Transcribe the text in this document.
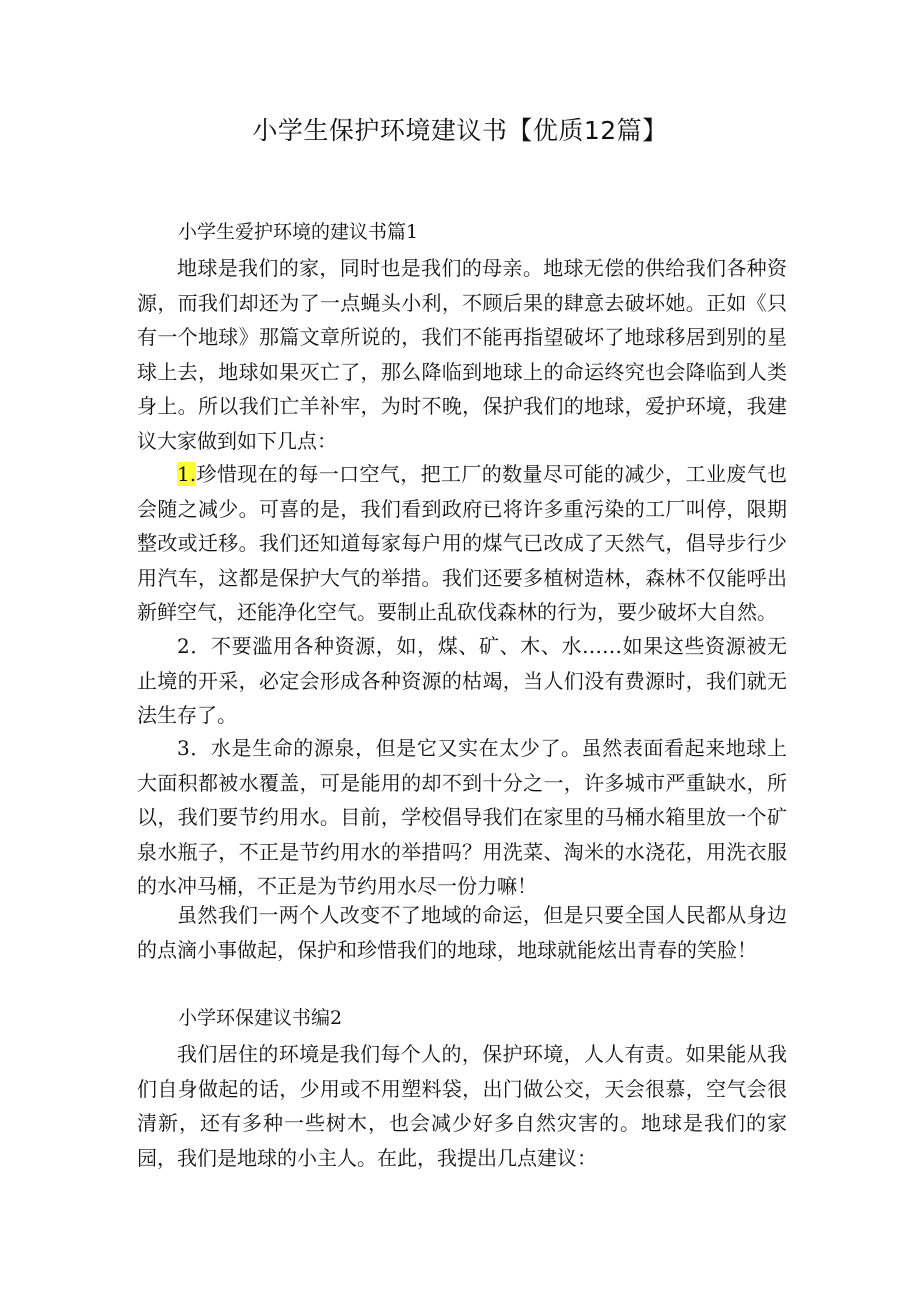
小学生保护环境建议书【优质12篇】
小学生爱护环境的建议书篇1

地球是我们的家，同时也是我们的母亲。地球无偿的供给我们各种资源，而我们却还为了一点蝇头小利，不顾后果的肆意去破坏她。正如《只有一个地球》那篇文章所说的，我们不能再指望破坏了地球移居到别的星球上去，地球如果灭亡了，那么降临到地球上的命运终究也会降临到人类身上。所以我们亡羊补牢，为时不晚，保护我们的地球，爱护环境，我建议大家做到如下几点：

1.珍惜现在的每一口空气，把工厂的数量尽可能的减少，工业废气也会随之减少。可喜的是，我们看到政府已将许多重污染的工厂叫停，限期整改或迁移。我们还知道每家每户用的煤气已改成了天然气，倡导步行少用汽车，这都是保护大气的举措。我们还要多植树造林，森林不仅能呼出新鲜空气，还能净化空气。要制止乱砍伐森林的行为，要少破坏大自然。

2．不要滥用各种资源，如，煤、矿、木、水……如果这些资源被无止境的开采，必定会形成各种资源的枯竭，当人们没有费源时，我们就无法生存了。

3．水是生命的源泉，但是它又实在太少了。虽然表面看起来地球上大面积都被水覆盖，可是能用的却不到十分之一，许多城市严重缺水，所以，我们要节约用水。目前，学校倡导我们在家里的马桶水箱里放一个矿泉水瓶子，不正是节约用水的举措吗？用洗菜、淘米的水浇花，用洗衣服的水冲马桶，不正是为节约用水尽一份力嘛！

虽然我们一两个人改变不了地域的命运，但是只要全国人民都从身边的点滴小事做起，保护和珍惜我们的地球，地球就能炫出青春的笑脸！

小学环保建议书编2

我们居住的环境是我们每个人的，保护环境，人人有责。如果能从我们自身做起的话，少用或不用塑料袋，出门做公交，天会很慕，空气会很清新，还有多种一些树木，也会减少好多自然灾害的。地球是我们的家园，我们是地球的小主人。在此，我提出几点建议：
